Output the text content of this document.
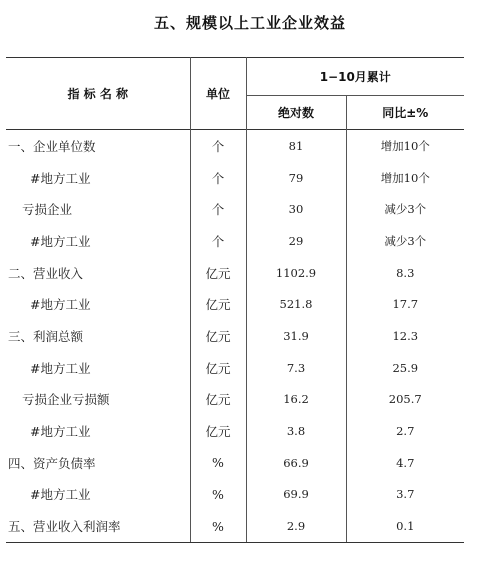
五、规模以上工业企业效益
指 标 名 称	单位	1−10月累计	
		绝对数	同比±%
一、企业单位数	个	81	增加10个
#地方工业	个	79	增加10个
亏损企业	个	30	减少3个
#地方工业	个	29	减少3个
二、营业收入	亿元	1102.9	8.3
#地方工业	亿元	521.8	17.7
三、利润总额	亿元	31.9	12.3
#地方工业	亿元	7.3	25.9
亏损企业亏损额	亿元	16.2	205.7
#地方工业	亿元	3.8	2.7
四、资产负债率	%	66.9	4.7
#地方工业	%	69.9	3.7
五、营业收入利润率	%	2.9	0.1
